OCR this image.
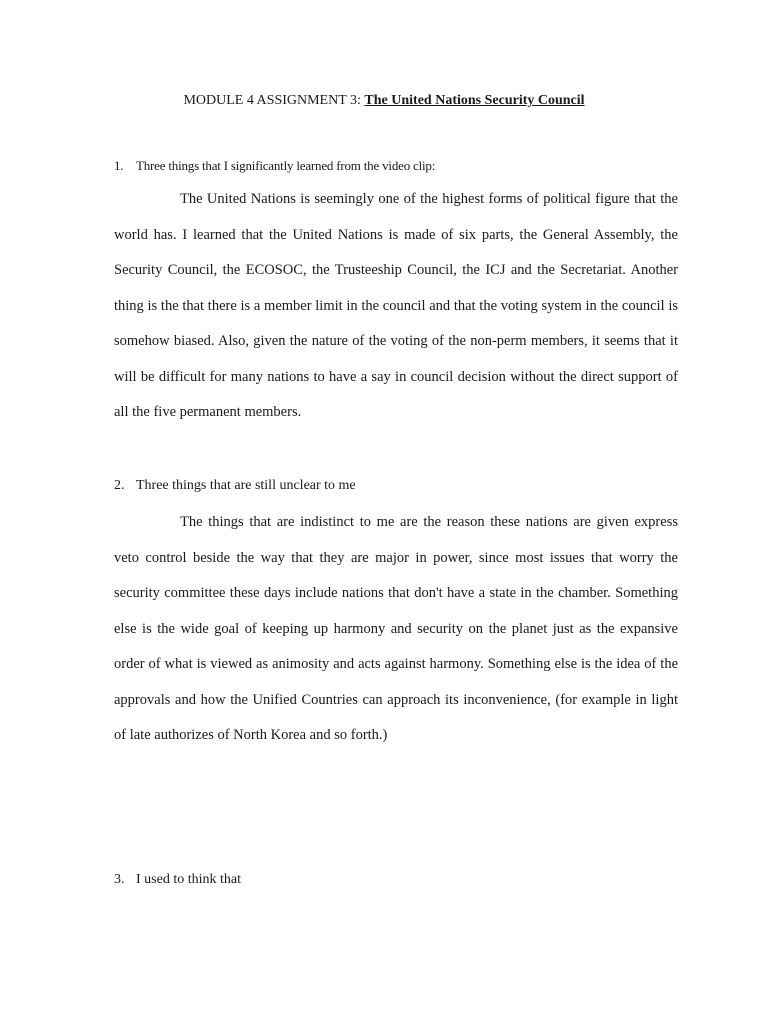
MODULE 4 ASSIGNMENT 3: The United Nations Security Council
1. Three things that I significantly learned from the video clip:

The United Nations is seemingly one of the highest forms of political figure that the world has. I learned that the United Nations is made of six parts, the General Assembly, the Security Council, the ECOSOC, the Trusteeship Council, the ICJ and the Secretariat. Another thing is the that there is a member limit in the council and that the voting system in the council is somehow biased. Also, given the nature of the voting of the non-perm members, it seems that it will be difficult for many nations to have a say in council decision without the direct support of all the five permanent members.

2. Three things that are still unclear to me

The things that are indistinct to me are the reason these nations are given express veto control beside the way that they are major in power, since most issues that worry the security committee these days include nations that don't have a state in the chamber. Something else is the wide goal of keeping up harmony and security on the planet just as the expansive order of what is viewed as animosity and acts against harmony. Something else is the idea of the approvals and how the Unified Countries can approach its inconvenience, (for example in light of late authorizes of North Korea and so forth.)

3. I used to think that
